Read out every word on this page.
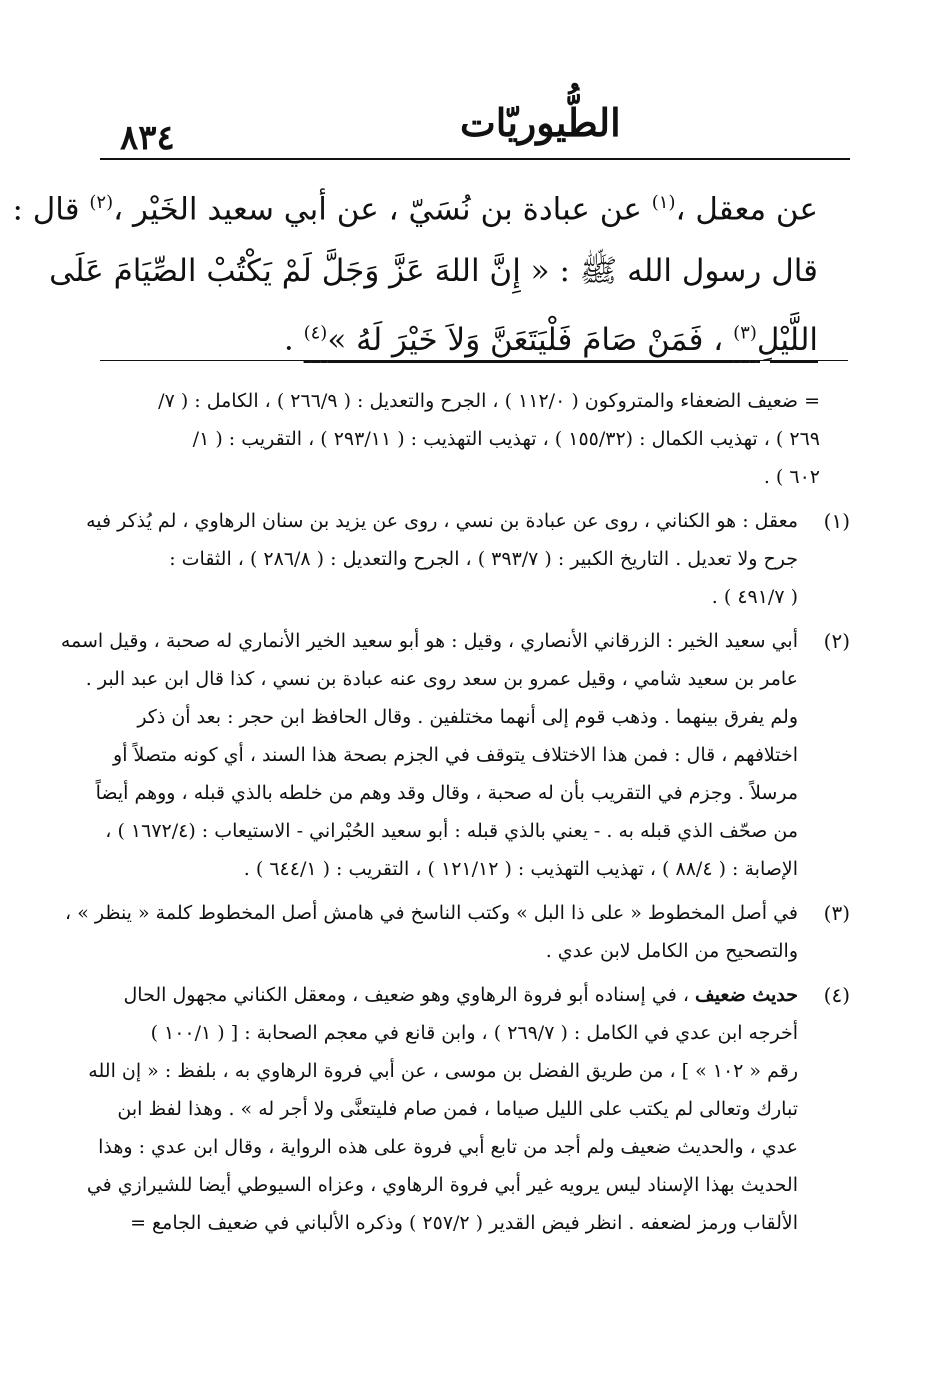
٨٣٤	الطُّيوريّات
عن معقل ،$^{(١)}$ عن عبادة بن نُسَيّ ، عن أبي سعيد الخَيْر ،$^{(٢)}$ قال :
قال رسول الله ﷺ : « إِنَّ اللهَ عَزَّ وَجَلَّ لَمْ يَكْتُبْ الصِّيَامَ عَلَى
اللَّيْلِ$^{(٣)}$ ، فَمَنْ صَامَ فَلْيَتَعَنَّ وَلاَ خَيْرَ لَهُ »$^{(٤)}$ .
= ضعيف الضعفاء والمتروكون ( ١١٢/٠ ) ، الجرح والتعديل : ( ٢٦٦/٩ ) ، الكامل : ( ٧/
٢٦٩ ) ، تهذيب الكمال : (١٥٥/٣٢ ) ، تهذيب التهذيب : ( ٢٩٣/١١ ) ، التقريب : ( ١/
٦٠٢ ) .
(١)
معقل : هو الكناني ، روى عن عبادة بن نسي ، روى عن يزيد بن سنان الرهاوي ، لم يُذكر فيه
جرح ولا تعديل . التاريخ الكبير : ( ٣٩٣/٧ ) ، الجرح والتعديل : ( ٢٨٦/٨ ) ، الثقات :
( ٤٩١/٧ ) .
(٢)
أبي سعيد الخير : الزرقاني الأنصاري ، وقيل : هو أبو سعيد الخير الأنماري له صحبة ، وقيل اسمه
عامر بن سعيد شامي ، وقيل عمرو بن سعد روى عنه عبادة بن نسي ، كذا قال ابن عبد البر .
ولم يفرق بينهما . وذهب قوم إلى أنهما مختلفين . وقال الحافظ ابن حجر : بعد أن ذكر
اختلافهم ، قال : فمن هذا الاختلاف يتوقف في الجزم بصحة هذا السند ، أي كونه متصلاً أو
مرسلاً . وجزم في التقريب بأن له صحبة ، وقال وقد وهم من خلطه بالذي قبله ، ووهم أيضاً
من صحّف الذي قبله به . - يعني بالذي قبله : أبو سعيد الحُبْراني - الاستيعاب : (١٦٧٢/٤ ) ،
الإصابة : ( ٨٨/٤ ) ، تهذيب التهذيب : ( ١٢١/١٢ ) ، التقريب : ( ٦٤٤/١ ) .
(٣)
في أصل المخطوط « على ذا البل » وكتب الناسخ في هامش أصل المخطوط كلمة « ينظر » ،
والتصحيح من الكامل لابن عدي .
(٤)
حديث ضعيف ، في إسناده أبو فروة الرهاوي وهو ضعيف ، ومعقل الكناني مجهول الحال
أخرجه ابن عدي في الكامل : ( ٢٦٩/٧ ) ، وابن قانع في معجم الصحابة : [ ( ١٠٠/١ )
رقم « ١٠٢ » ] ، من طريق الفضل بن موسى ، عن أبي فروة الرهاوي به ، بلفظ : « إن الله
تبارك وتعالى لم يكتب على الليل صياما ، فمن صام فليتعنَّى ولا أجر له » . وهذا لفظ ابن
عدي ، والحديث ضعيف ولم أجد من تابع أبي فروة على هذه الرواية ، وقال ابن عدي : وهذا
الحديث بهذا الإسناد ليس يرويه غير أبي فروة الرهاوي ، وعزاه السيوطي أيضا للشيرازي في
الألقاب ورمز لضعفه . انظر فيض القدير ( ٢٥٧/٢ ) وذكره الألباني في ضعيف الجامع =
